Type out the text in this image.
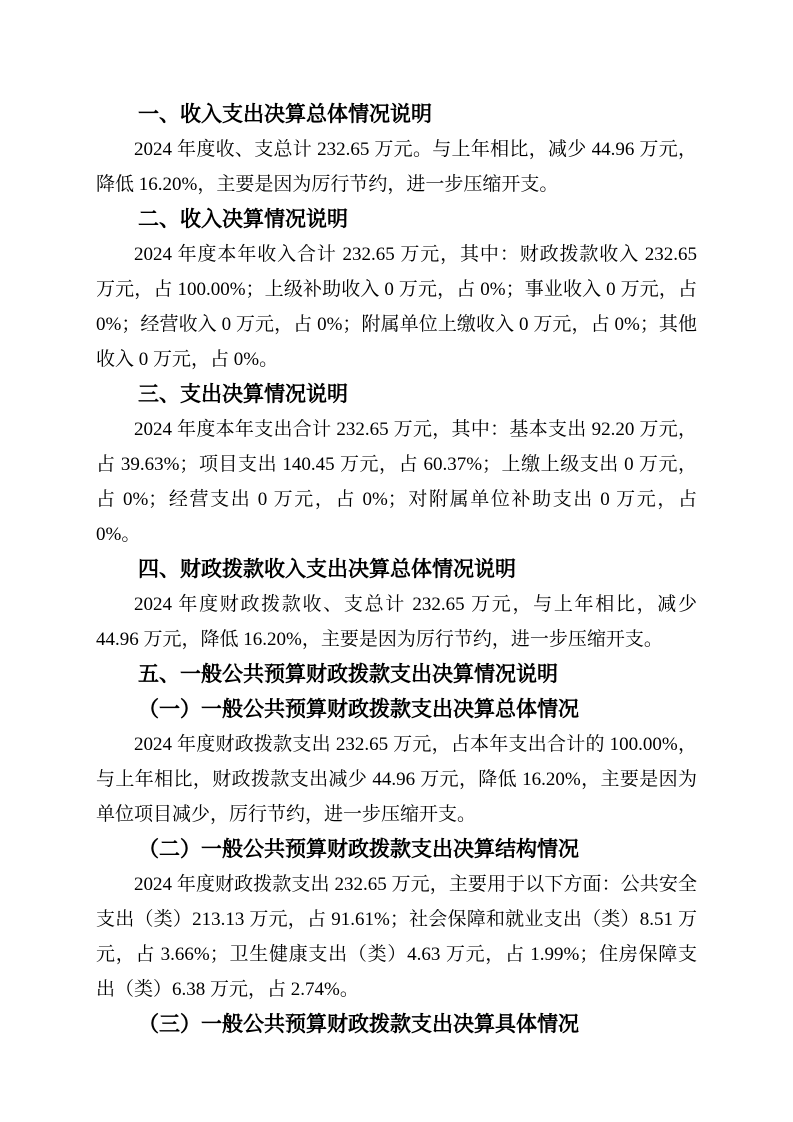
一、收入支出决算总体情况说明

2024 年度收、支总计 232.65 万元。与上年相比，减少 44.96 万元，降低 16.20%，主要是因为厉行节约，进一步压缩开支。

二、收入决算情况说明

2024 年度本年收入合计 232.65 万元，其中：财政拨款收入 232.65 万元，占 100.00%；上级补助收入 0 万元，占 0%；事业收入 0 万元，占 0%；经营收入 0 万元，占 0%；附属单位上缴收入 0 万元，占 0%；其他收入 0 万元，占 0%。

三、支出决算情况说明

2024 年度本年支出合计 232.65 万元，其中：基本支出 92.20 万元，占 39.63%；项目支出 140.45 万元，占 60.37%；上缴上级支出 0 万元，占 0%；经营支出 0 万元，占 0%；对附属单位补助支出 0 万元，占 0%。

四、财政拨款收入支出决算总体情况说明

2024 年度财政拨款收、支总计 232.65 万元，与上年相比，减少 44.96 万元，降低 16.20%，主要是因为厉行节约，进一步压缩开支。

五、一般公共预算财政拨款支出决算情况说明
（一）一般公共预算财政拨款支出决算总体情况

2024 年度财政拨款支出 232.65 万元，占本年支出合计的 100.00%，与上年相比，财政拨款支出减少 44.96 万元，降低 16.20%，主要是因为单位项目减少，厉行节约，进一步压缩开支。

（二）一般公共预算财政拨款支出决算结构情况

2024 年度财政拨款支出 232.65 万元，主要用于以下方面：公共安全支出（类）213.13 万元，占 91.61%；社会保障和就业支出（类）8.51 万元，占 3.66%；卫生健康支出（类）4.63 万元，占 1.99%；住房保障支出（类）6.38 万元，占 2.74%。

（三）一般公共预算财政拨款支出决算具体情况
